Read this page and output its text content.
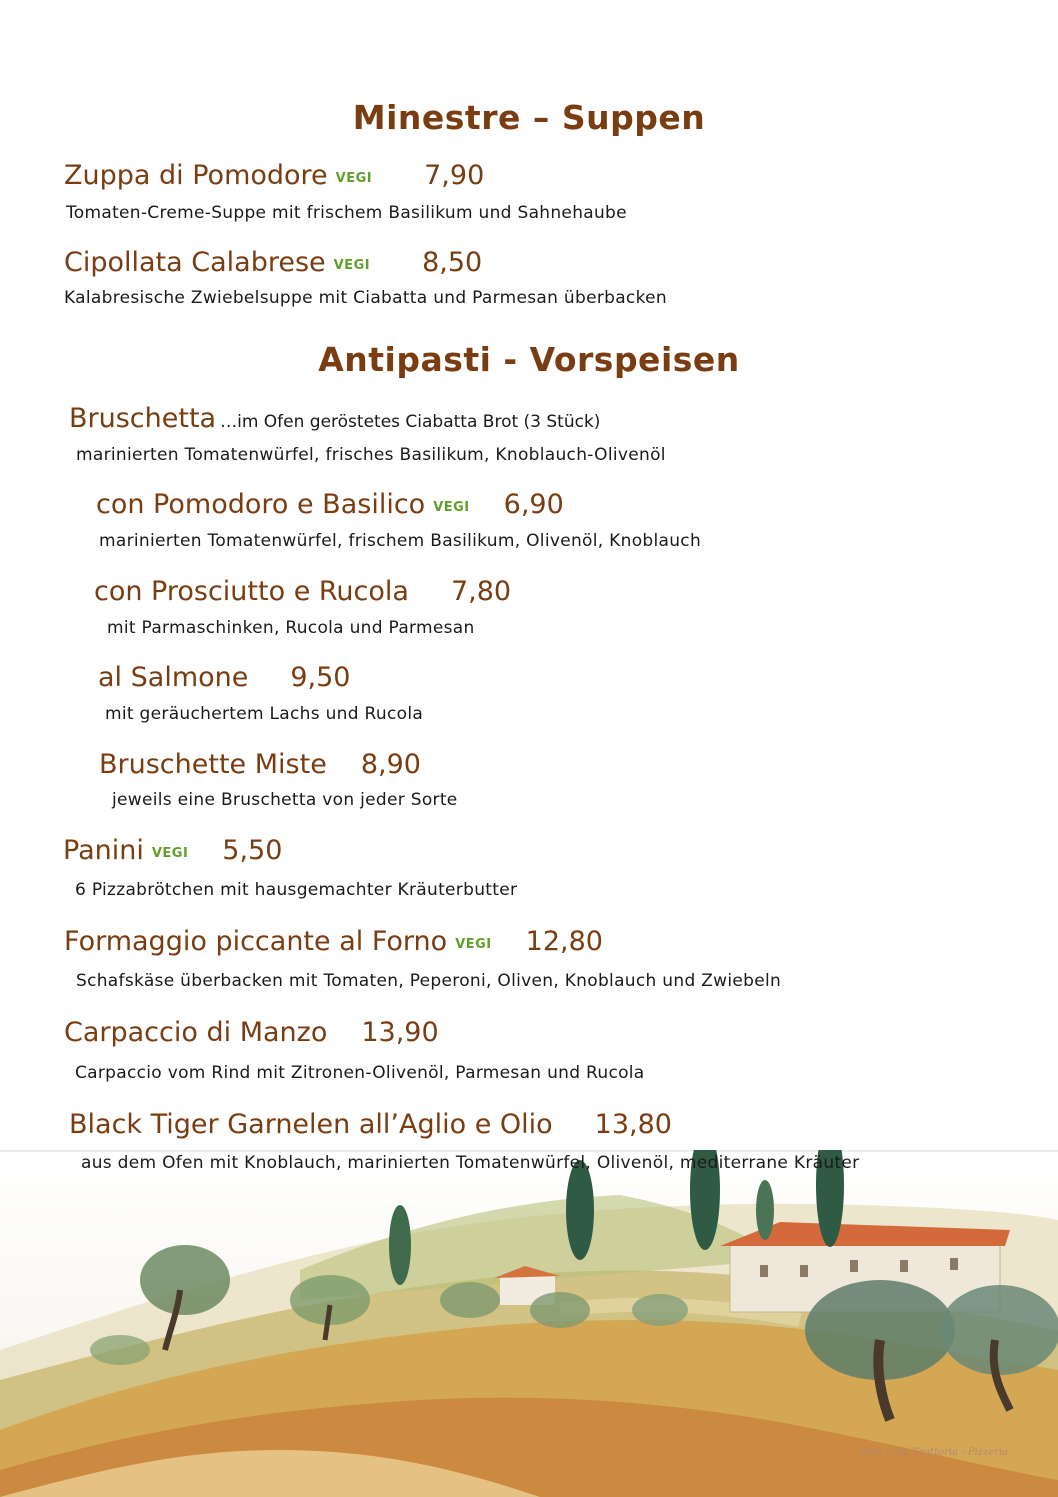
Minestre – Suppen
Zuppa di Pomodore VEGI 7,90
Tomaten-Creme-Suppe mit frischem Basilikum und Sahnehaube
Cipollata Calabrese VEGI 8,50
Kalabresische Zwiebelsuppe mit Ciabatta und Parmesan überbacken
Antipasti - Vorspeisen
Bruschetta …im Ofen geröstetes Ciabatta Brot (3 Stück)
marinierten Tomatenwürfel, frisches Basilikum, Knoblauch-Olivenöl
con Pomodoro e Basilico VEGI 6,90
marinierten Tomatenwürfel, frischem Basilikum, Olivenöl, Knoblauch
con Prosciutto e Rucola 7,80
mit Parmaschinken, Rucola und Parmesan
al Salmone 9,50
mit geräuchertem Lachs und Rucola
Bruschette Miste 8,90
jeweils eine Bruschetta von jeder Sorte
Panini VEGI 5,50
6 Pizzabrötchen mit hausgemachter Kräuterbutter
Formaggio piccante al Forno VEGI 12,80
Schafskäse überbacken mit Tomaten, Peperoni, Oliven, Knoblauch und Zwiebeln
Carpaccio di Manzo 13,90
Carpaccio vom Rind mit Zitronen-Olivenöl, Parmesan und Rucola
Black Tiger Garnelen all’Aglio e Olio 13,80
aus dem Ofen mit Knoblauch, marinierten Tomatenwürfel, Olivenöl, mediterrane Kräuter
Park Café Trattoria - Pizzeria
